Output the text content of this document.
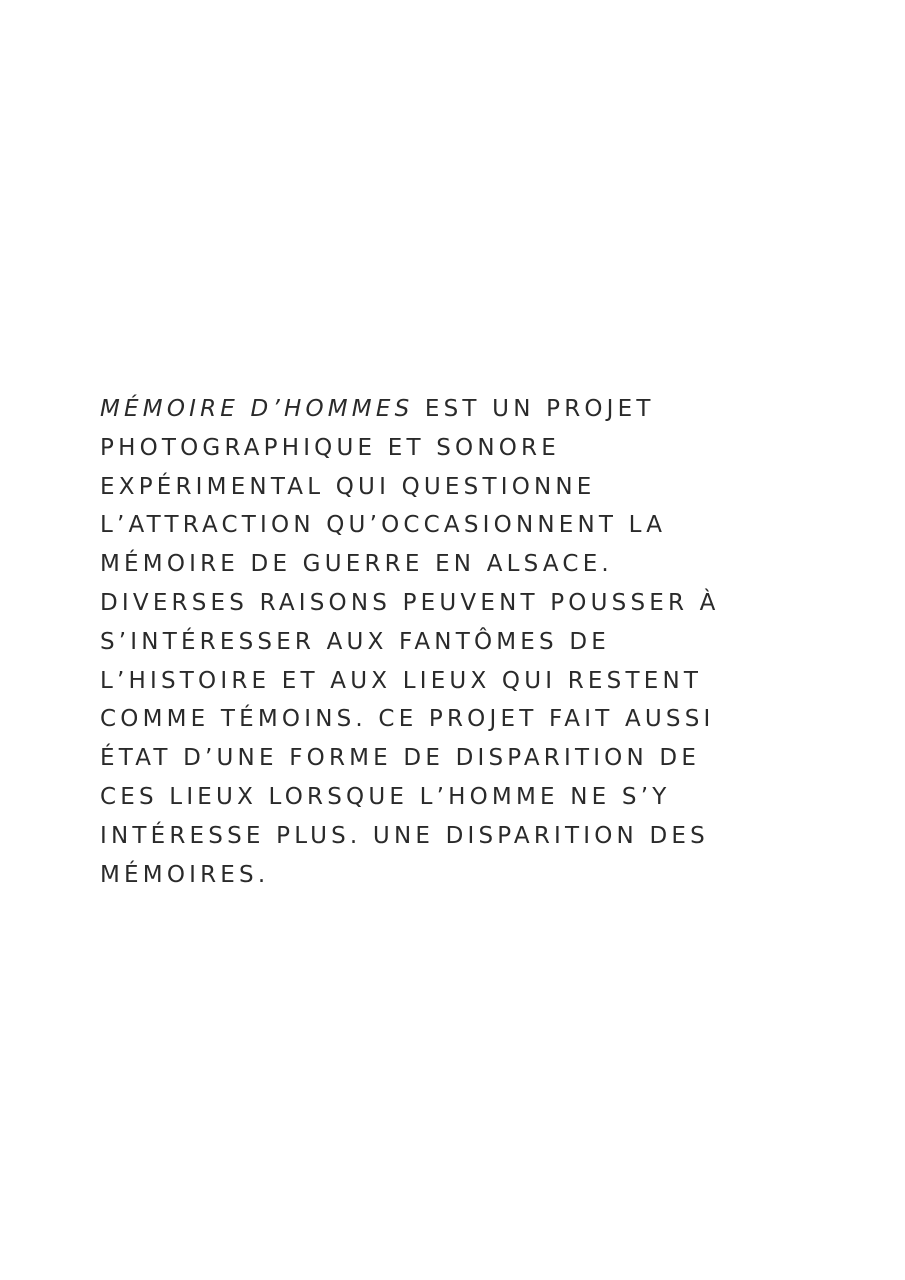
MÉMOIRE D’HOMMES EST UN PROJET
PHOTOGRAPHIQUE ET SONORE
EXPÉRIMENTAL QUI QUESTIONNE
L’ATTRACTION QU’OCCASIONNENT LA
MÉMOIRE DE GUERRE EN ALSACE.
DIVERSES RAISONS PEUVENT POUSSER À
S’INTÉRESSER AUX FANTÔMES DE
L’HISTOIRE ET AUX LIEUX QUI RESTENT
COMME TÉMOINS. CE PROJET FAIT AUSSI
ÉTAT D’UNE FORME DE DISPARITION DE
CES LIEUX LORSQUE L’HOMME NE S’Y
INTÉRESSE PLUS. UNE DISPARITION DES
MÉMOIRES.
